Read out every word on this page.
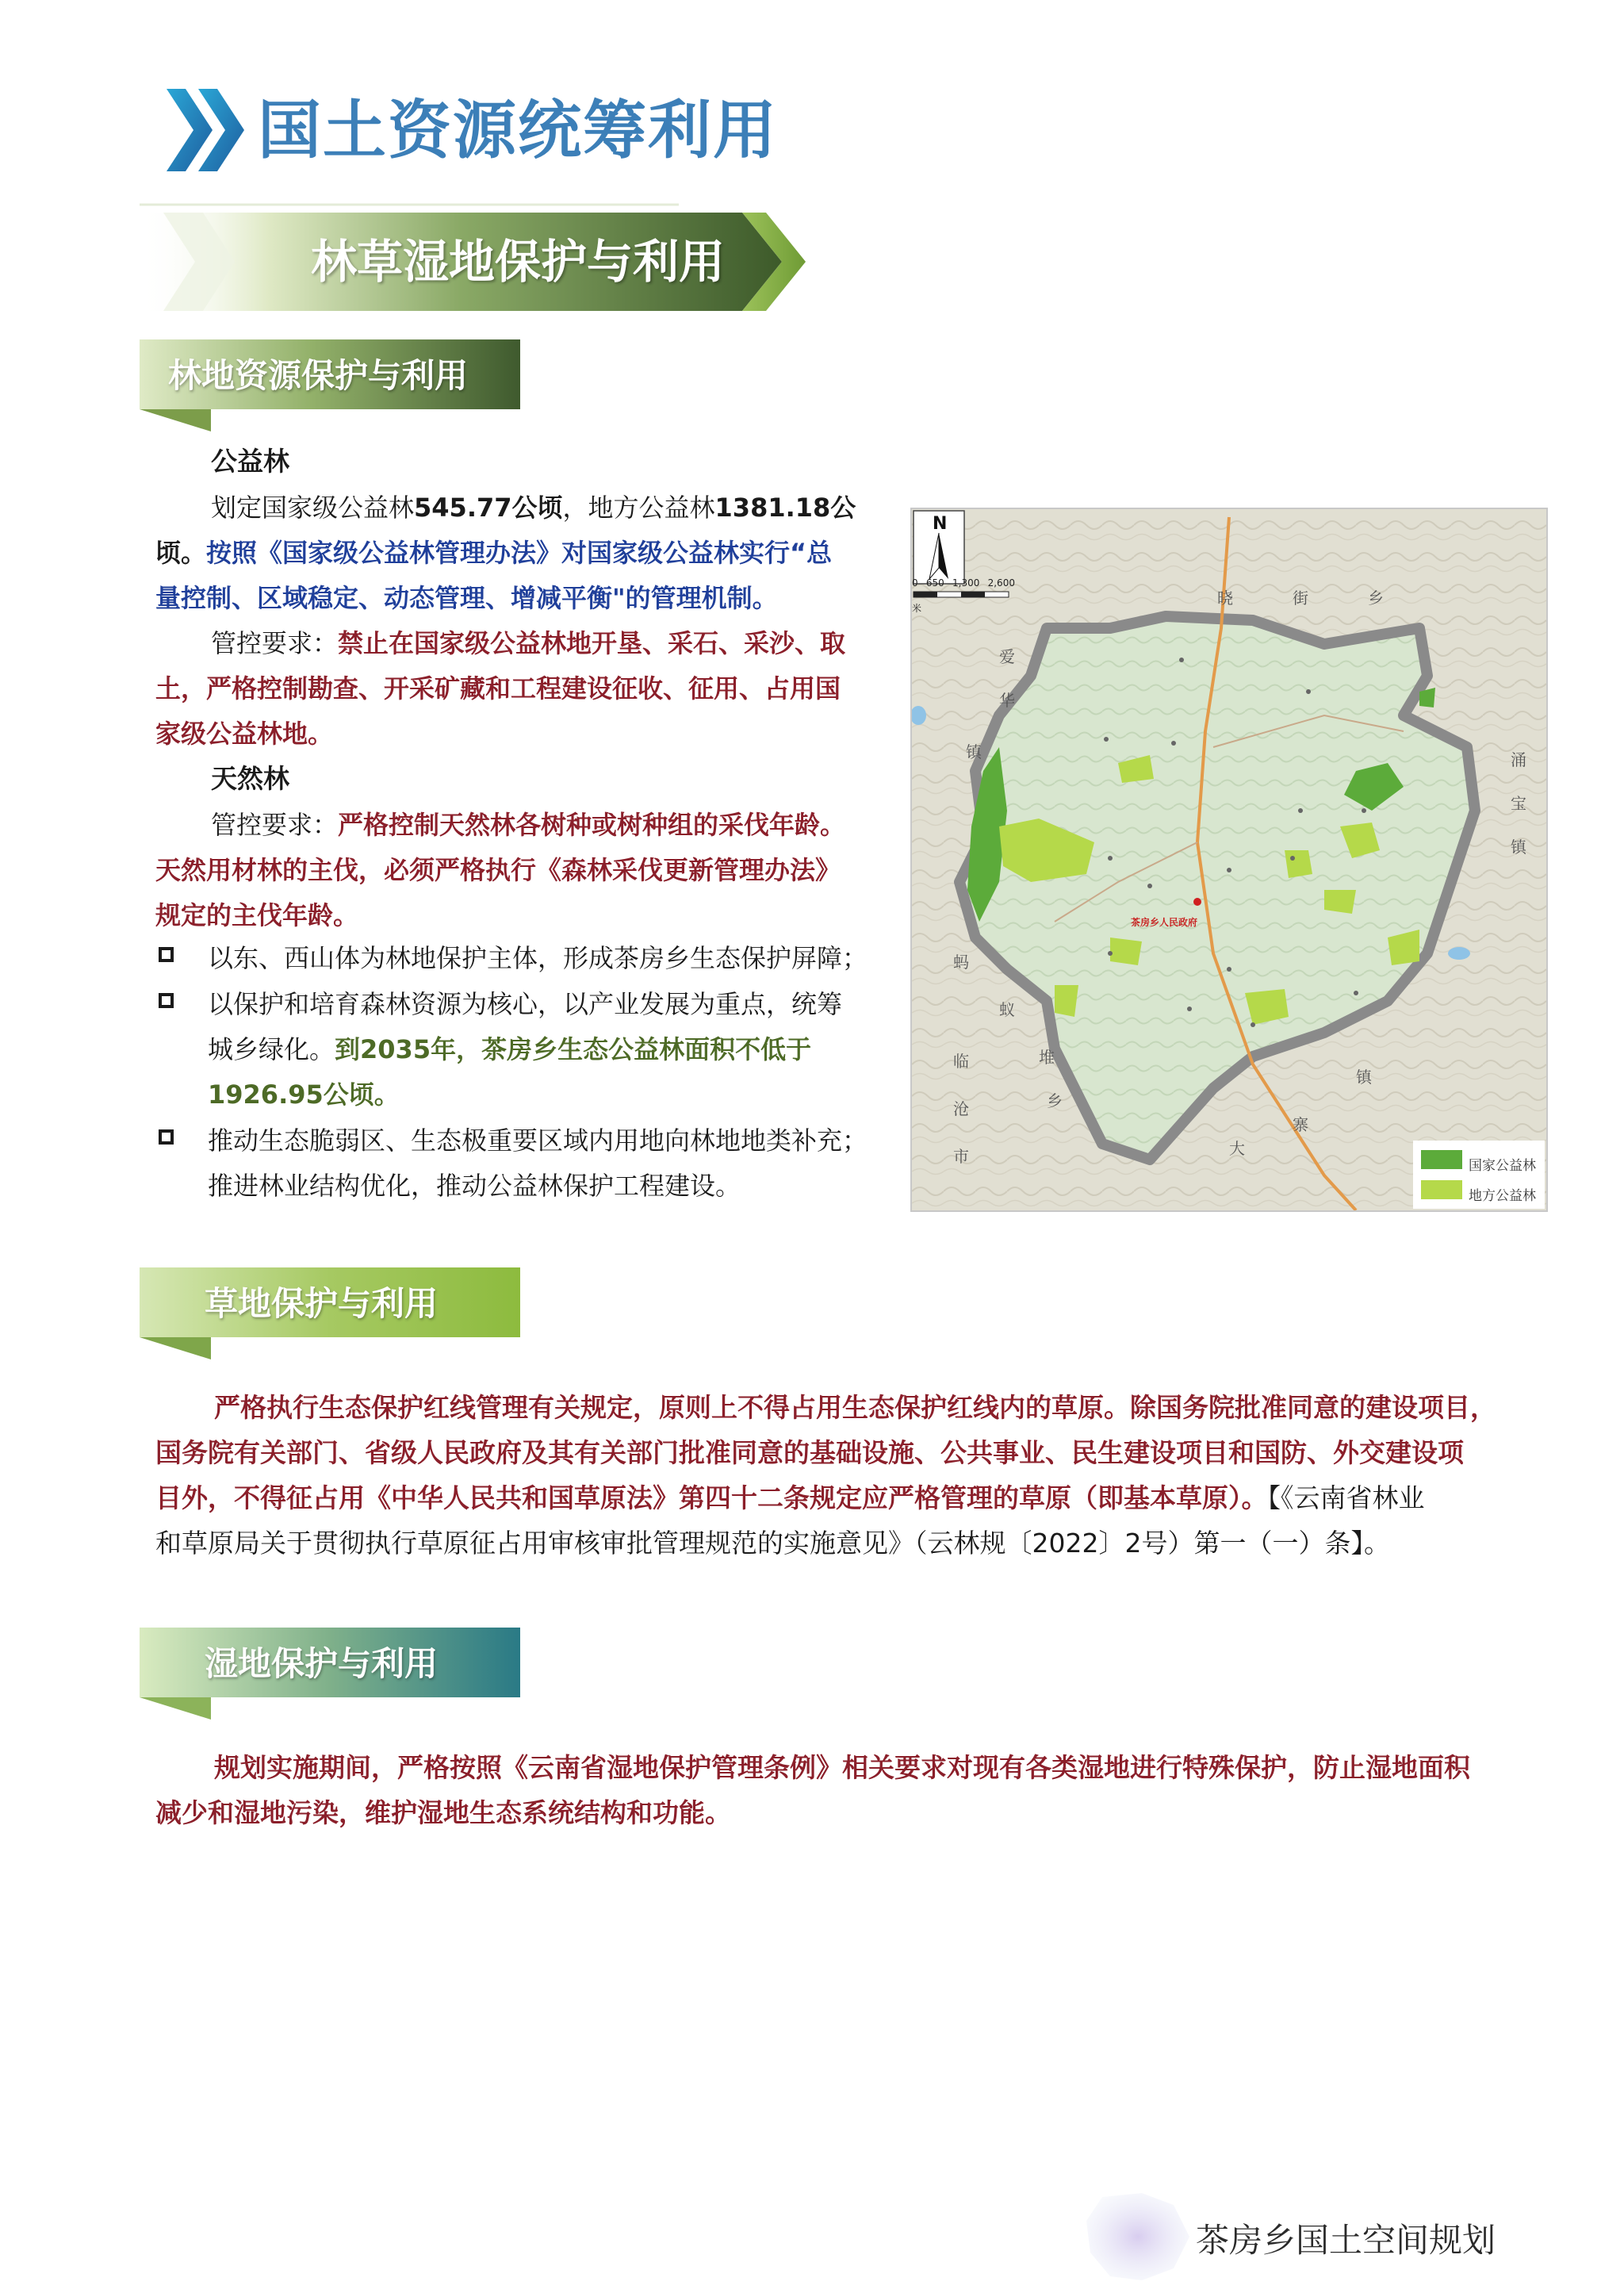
国土资源统筹利用
林草湿地保护与利用
林地资源保护与利用
公益林
划定国家级公益林545.77公顷，地方公益林1381.18公
顷。按照《国家级公益林管理办法》对国家级公益林实行“总
量控制、区域稳定、动态管理、增减平衡"的管理机制。
管控要求：禁止在国家级公益林地开垦、采石、采沙、取
土，严格控制勘查、开采矿藏和工程建设征收、征用、占用国
家级公益林地。
天然林
管控要求：严格控制天然林各树种或树种组的采伐年龄。
天然用材林的主伐，必须严格执行《森林采伐更新管理办法》
规定的主伐年龄。
以东、西山体为林地保护主体，形成茶房乡生态保护屏障；
以保护和培育森林资源为核心，以产业发展为重点，统筹
城乡绿化。到2035年，茶房乡生态公益林面积不低于
1926.95公顷。
推动生态脆弱区、生态极重要区域内用地向林地地类补充；
推进林业结构优化，推动公益林保护工程建设。
N
0 650 1,300 2,600
米
晓	街	乡
爱
华
镇	涌
宝
镇
蚂
蚁
堆
乡
临
沧
市
镇
大
寨
茶房乡人民政府
国家公益林
地方公益林
草地保护与利用
严格执行生态保护红线管理有关规定，原则上不得占用生态保护红线内的草原。除国务院批准同意的建设项目，
国务院有关部门、省级人民政府及其有关部门批准同意的基础设施、公共事业、民生建设项目和国防、外交建设项
目外，不得征占用《中华人民共和国草原法》第四十二条规定应严格管理的草原（即基本草原）。【《云南省林业
和草原局关于贯彻执行草原征占用审核审批管理规范的实施意见》（云林规〔2022〕2号）第一（一）条】。
湿地保护与利用
规划实施期间，严格按照《云南省湿地保护管理条例》相关要求对现有各类湿地进行特殊保护，防止湿地面积
减少和湿地污染，维护湿地生态系统结构和功能。
茶房乡国土空间规划
